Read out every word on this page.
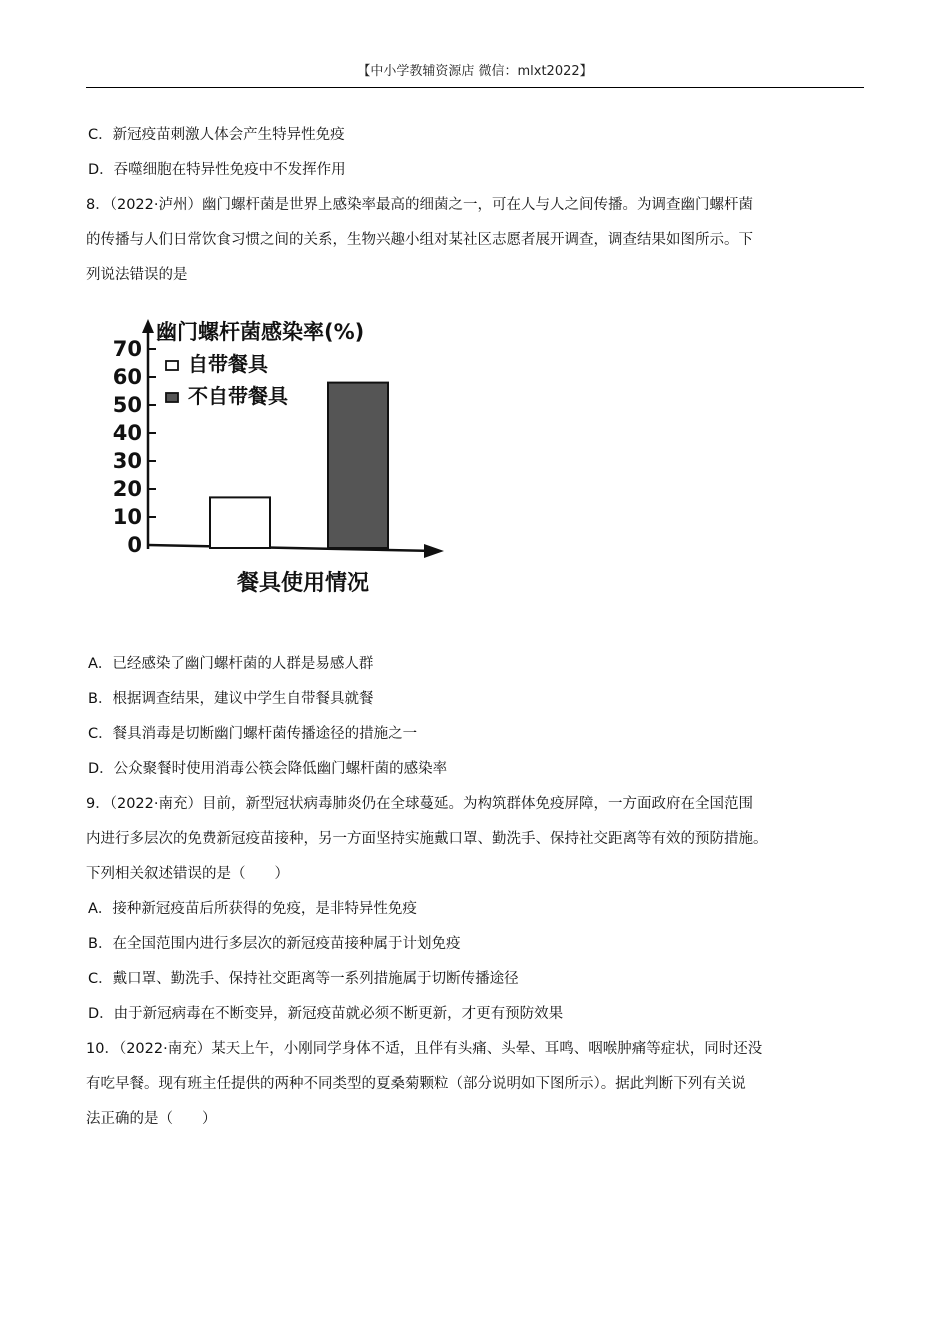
【中小学教辅资源店 微信：mlxt2022】
C．新冠疫苗刺激人体会产生特异性免疫
D．吞噬细胞在特异性免疫中不发挥作用
8．（2022·泸州）幽门螺杆菌是世界上感染率最高的细菌之一，可在人与人之间传播。为调查幽门螺杆菌
的传播与人们日常饮食习惯之间的关系，生物兴趣小组对某社区志愿者展开调查，调查结果如图所示。下
列说法错误的是
0
10
20
30
40
50
60
70
幽门螺杆菌感染率(%)
自带餐具
不自带餐具
餐具使用情况
A．已经感染了幽门螺杆菌的人群是易感人群
B．根据调查结果，建议中学生自带餐具就餐
C．餐具消毒是切断幽门螺杆菌传播途径的措施之一
D．公众聚餐时使用消毒公筷会降低幽门螺杆菌的感染率
9．（2022·南充）目前，新型冠状病毒肺炎仍在全球蔓延。为构筑群体免疫屏障，一方面政府在全国范围
内进行多层次的免费新冠疫苗接种，另一方面坚持实施戴口罩、勤洗手、保持社交距离等有效的预防措施。
下列相关叙述错误的是（　　）
A．接种新冠疫苗后所获得的免疫，是非特异性免疫
B．在全国范围内进行多层次的新冠疫苗接种属于计划免疫
C．戴口罩、勤洗手、保持社交距离等一系列措施属于切断传播途径
D．由于新冠病毒在不断变异，新冠疫苗就必须不断更新，才更有预防效果
10．（2022·南充）某天上午，小刚同学身体不适，且伴有头痛、头晕、耳鸣、咽喉肿痛等症状，同时还没
有吃早餐。现有班主任提供的两种不同类型的夏桑菊颗粒（部分说明如下图所示）。据此判断下列有关说
法正确的是（　　）
